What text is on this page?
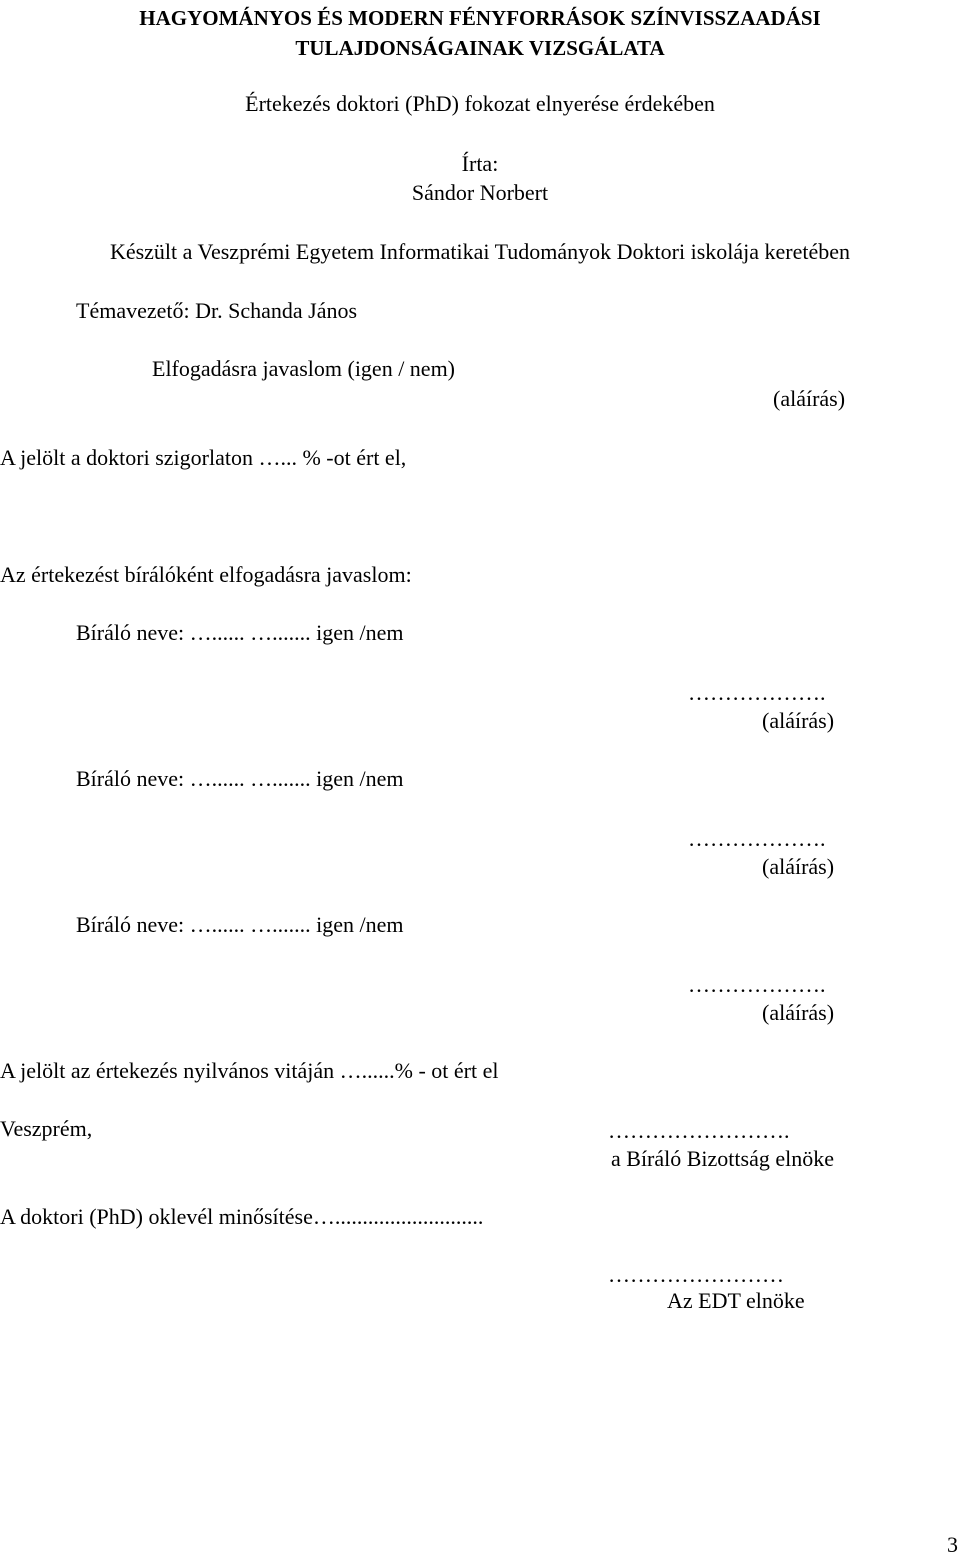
HAGYOMÁNYOS ÉS MODERN FÉNYFORRÁSOK SZÍNVISSZAADÁSI
TULAJDONSÁGAINAK VIZSGÁLATA
Értekezés doktori (PhD) fokozat elnyerése érdekében
Írta:
Sándor Norbert
Készült a Veszprémi Egyetem Informatikai Tudományok Doktori iskolája keretében
Témavezető: Dr. Schanda János
Elfogadásra javaslom (igen / nem)
(aláírás)
A jelölt a doktori szigorlaton …... % -ot ért el,
Az értekezést bírálóként elfogadásra javaslom:
Bíráló neve: …...... …....... igen /nem
……………….
(aláírás)
Bíráló neve: …...... …....... igen /nem
……………….
(aláírás)
Bíráló neve: …...... …....... igen /nem
……………….
(aláírás)
A jelölt az értekezés nyilvános vitáján …......% - ot ért el
Veszprém,	…………………….
a Bíráló Bizottság elnöke
A doktori (PhD) oklevél minősítése…...........................
……………………
Az EDT elnöke
3
